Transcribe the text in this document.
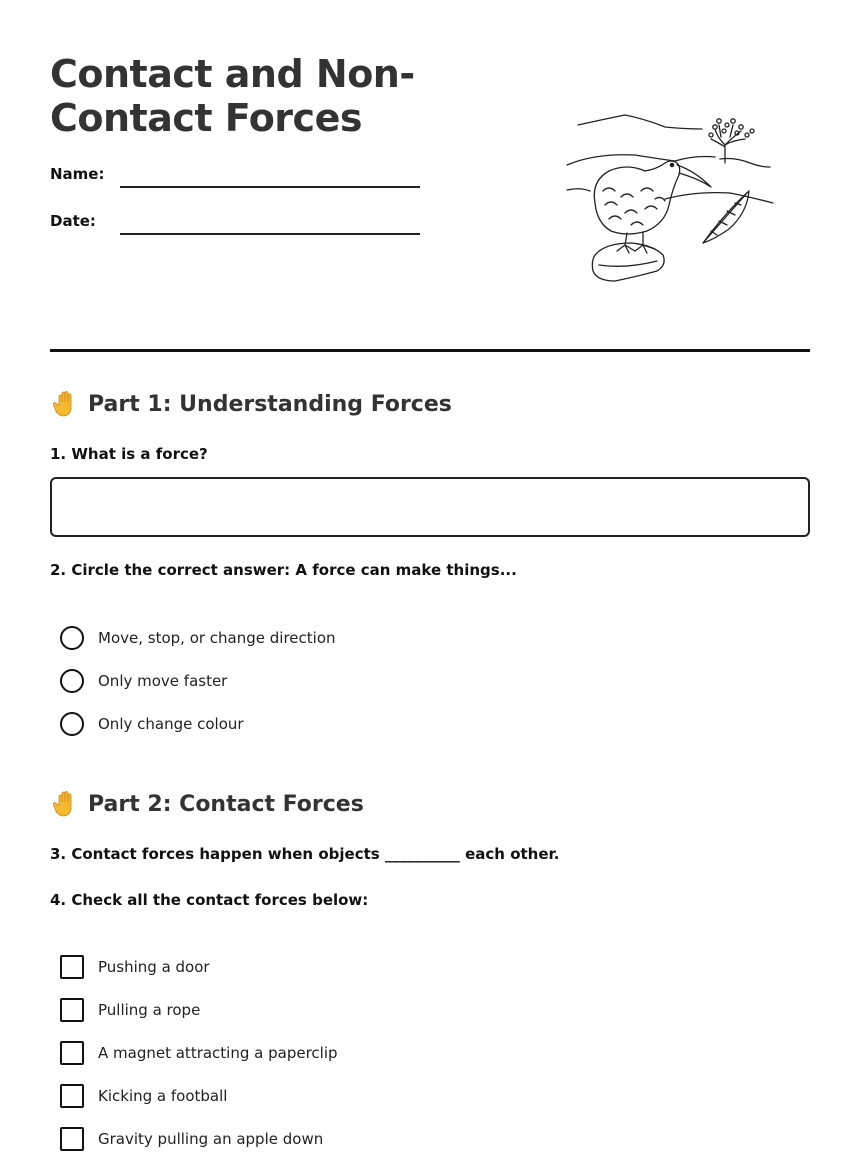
Contact and Non-Contact Forces
Name:
Date:
Part 1: Understanding Forces
1. What is a force?
2. Circle the correct answer: A force can make things...
Move, stop, or change direction
Only move faster
Only change colour
Part 2: Contact Forces
3. Contact forces happen when objects __________ each other.
4. Check all the contact forces below:
Pushing a door
Pulling a rope
A magnet attracting a paperclip
Kicking a football
Gravity pulling an apple down
